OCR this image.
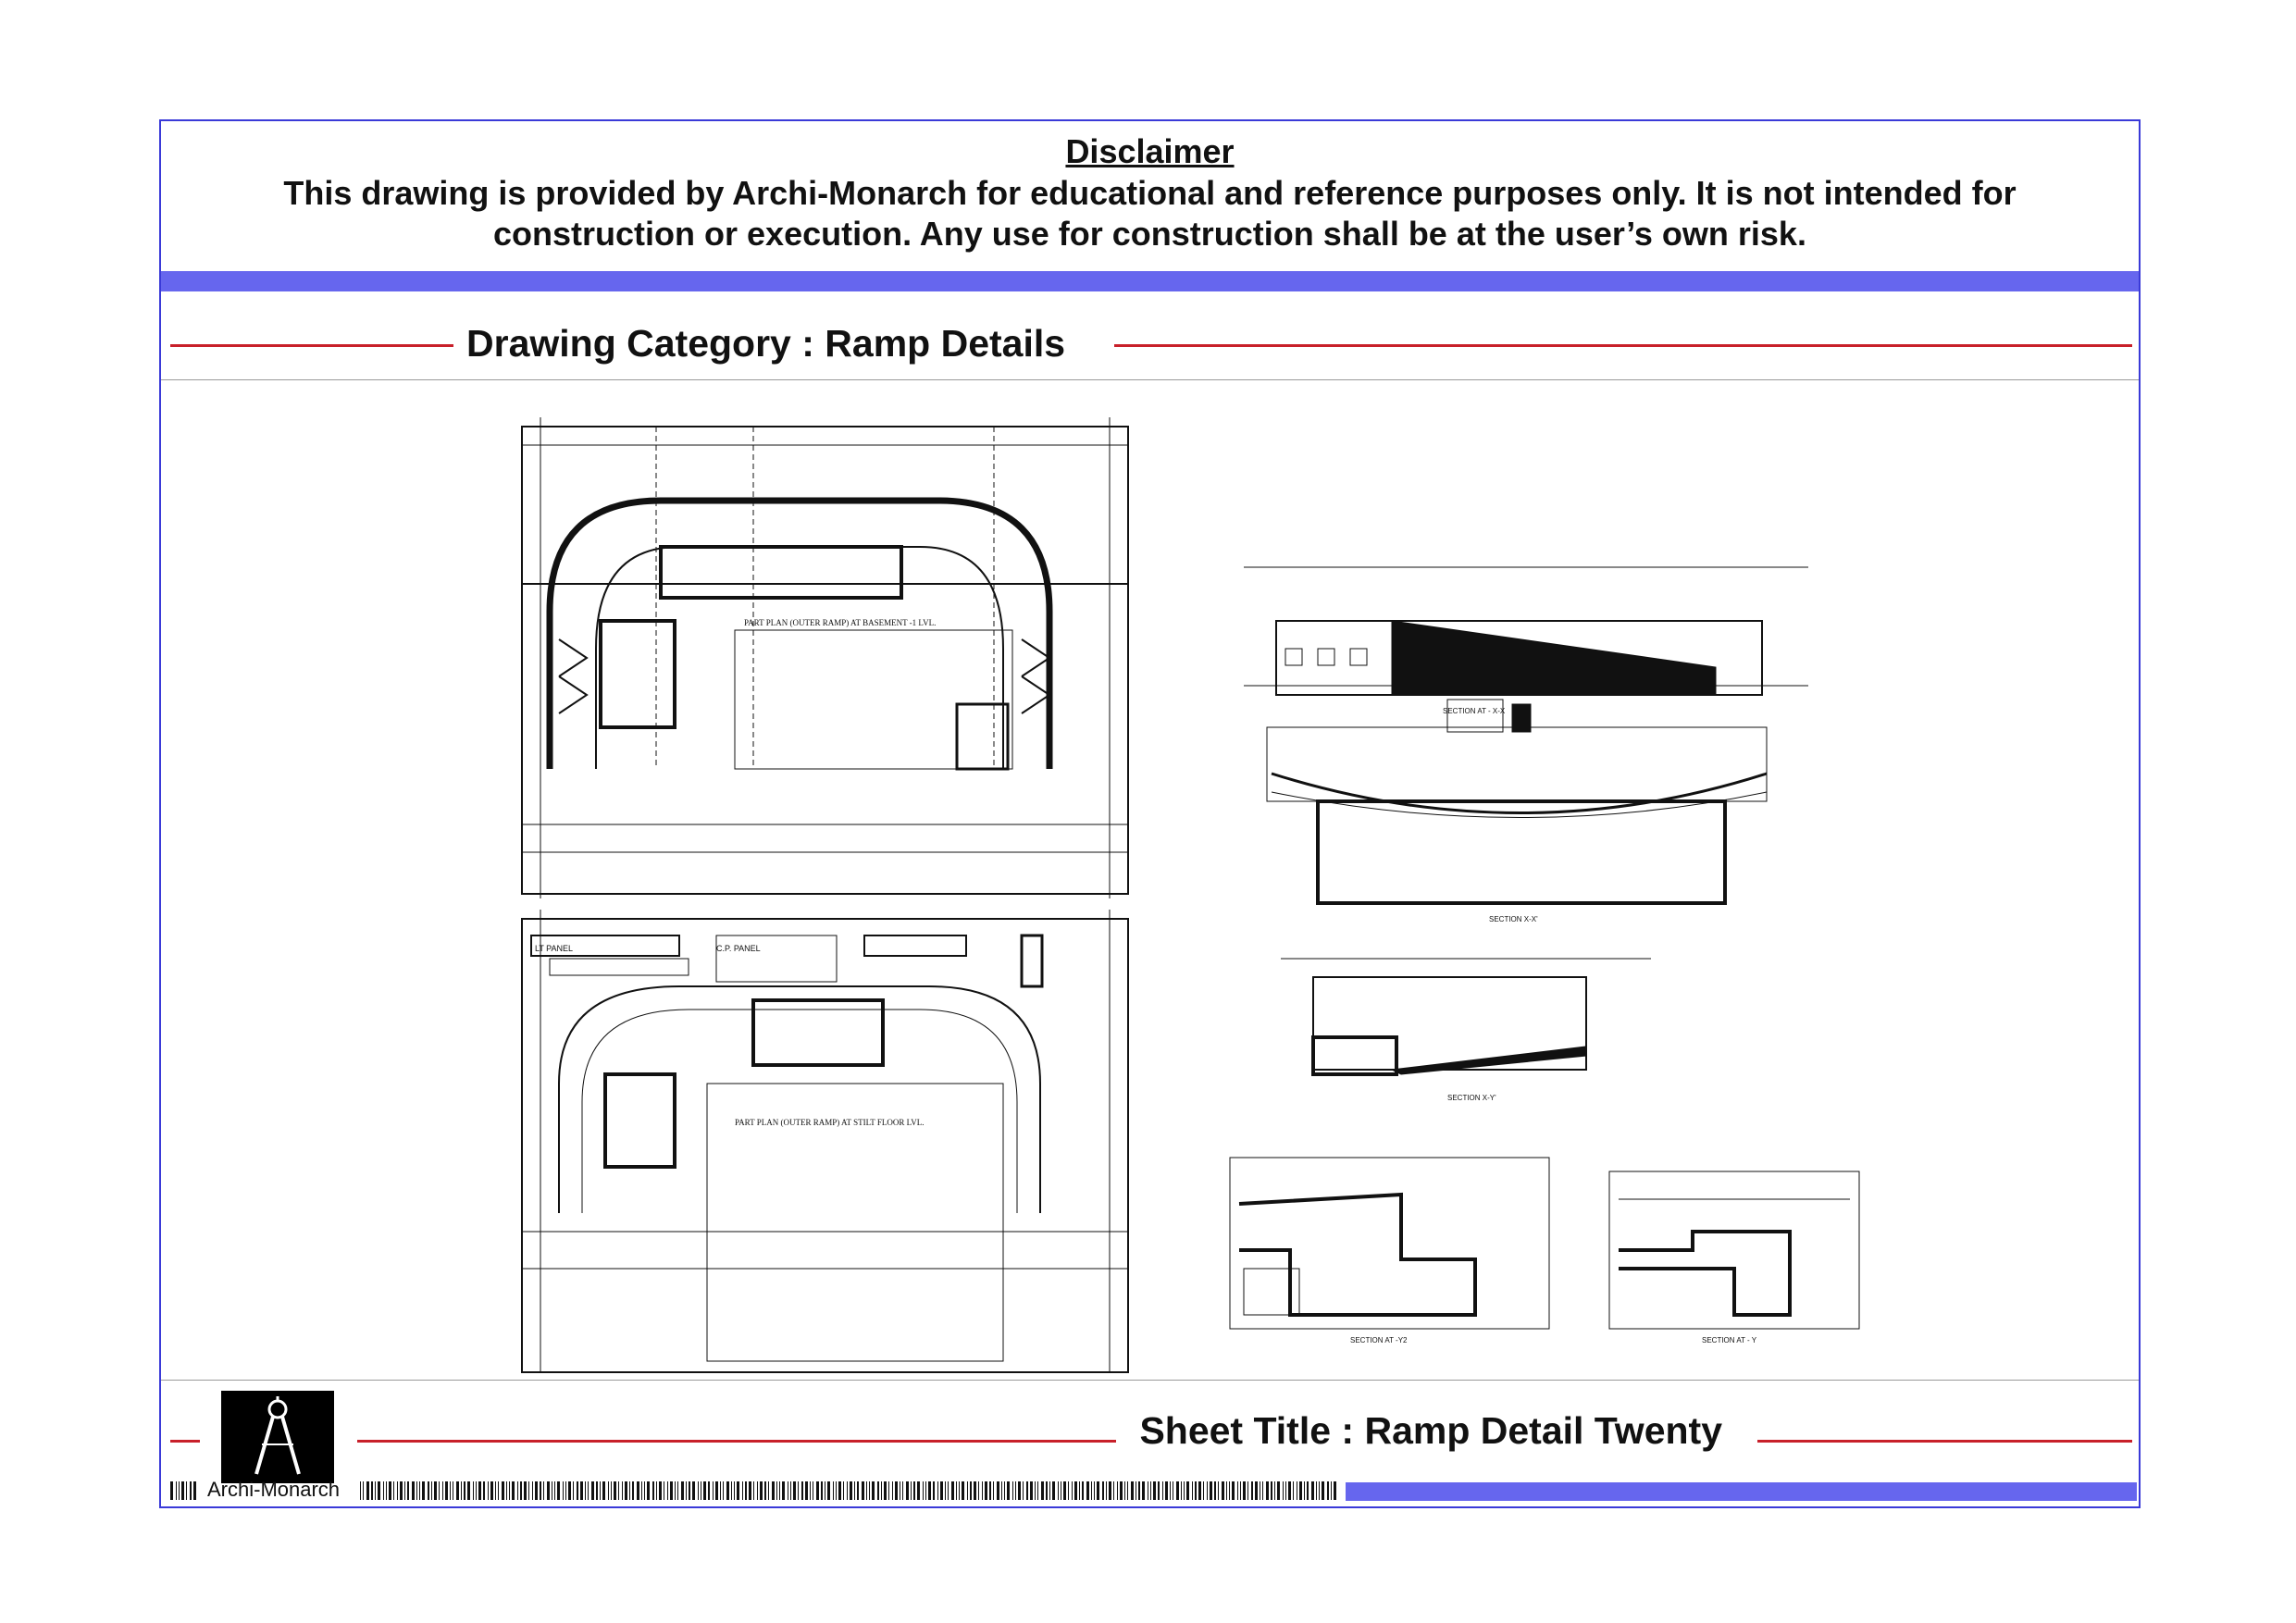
Disclaimer
This drawing is provided by Archi-Monarch for educational and reference purposes only. It is not intended for construction or execution. Any use for construction shall be at the user’s own risk.
Drawing Category : Ramp Details
Archi-Monarch
Sheet Title : Ramp Detail Twenty
PART PLAN (OUTER RAMP) AT BASEMENT -1 LVL.
LT PANEL	C.P. PANEL
PART PLAN (OUTER RAMP) AT STILT FLOOR LVL.
SECTION AT - X-X
SECTION X-X'
SECTION X-Y'
SECTION AT -Y2	SECTION AT - Y
